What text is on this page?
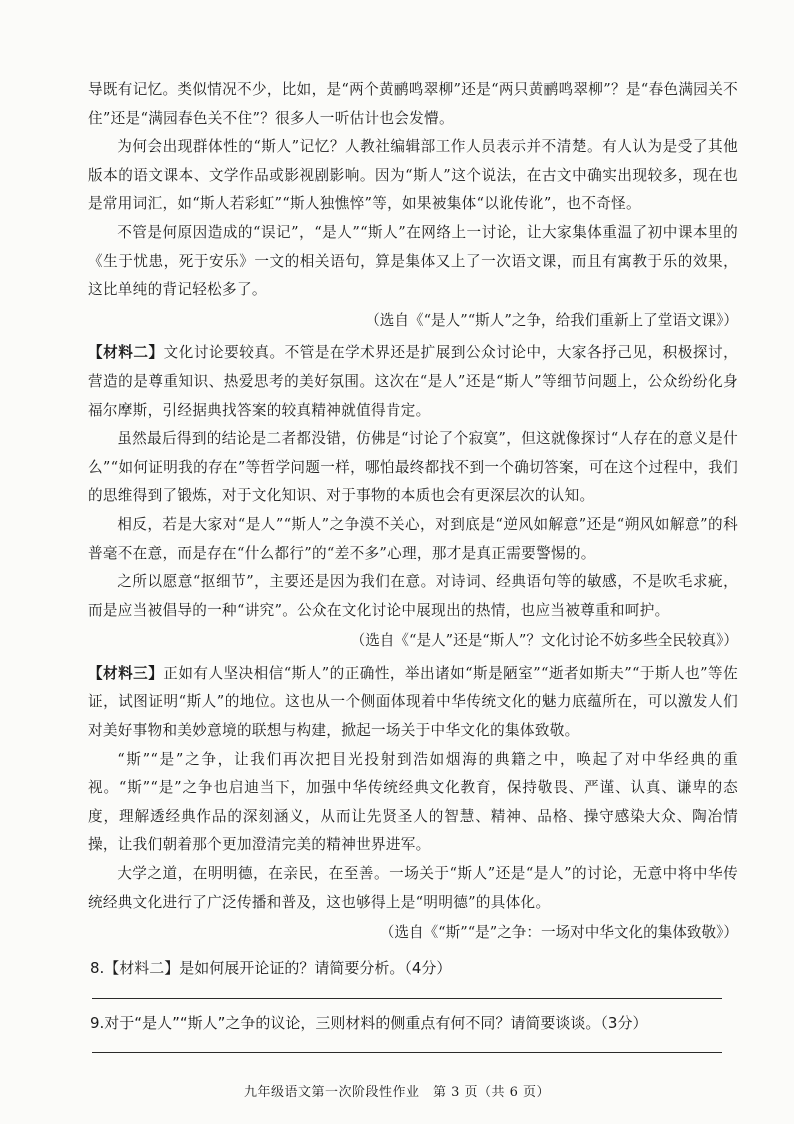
导既有记忆。类似情况不少，比如，是“两个黄鹂鸣翠柳”还是“两只黄鹂鸣翠柳”？是“春色满园关不住”还是“满园春色关不住”？很多人一听估计也会发懵。

为何会出现群体性的“斯人”记忆？人教社编辑部工作人员表示并不清楚。有人认为是受了其他版本的语文课本、文学作品或影视剧影响。因为“斯人”这个说法，在古文中确实出现较多，现在也是常用词汇，如“斯人若彩虹”“斯人独憔悴”等，如果被集体“以讹传讹”，也不奇怪。

不管是何原因造成的“误记”，“是人”“斯人”在网络上一讨论，让大家集体重温了初中课本里的《生于忧患，死于安乐》一文的相关语句，算是集体又上了一次语文课，而且有寓教于乐的效果，这比单纯的背记轻松多了。

（选自《“是人”“斯人”之争，给我们重新上了堂语文课》）

【材料二】文化讨论要较真。不管是在学术界还是扩展到公众讨论中，大家各抒己见，积极探讨，营造的是尊重知识、热爱思考的美好氛围。这次在“是人”还是“斯人”等细节问题上，公众纷纷化身福尔摩斯，引经据典找答案的较真精神就值得肯定。

虽然最后得到的结论是二者都没错，仿佛是“讨论了个寂寞”，但这就像探讨“人存在的意义是什么”“如何证明我的存在”等哲学问题一样，哪怕最终都找不到一个确切答案，可在这个过程中，我们的思维得到了锻炼，对于文化知识、对于事物的本质也会有更深层次的认知。

相反，若是大家对“是人”“斯人”之争漠不关心，对到底是“逆风如解意”还是“朔风如解意”的科普毫不在意，而是存在“什么都行”的“差不多”心理，那才是真正需要警惕的。

之所以愿意“抠细节”，主要还是因为我们在意。对诗词、经典语句等的敏感，不是吹毛求疵，而是应当被倡导的一种“讲究”。公众在文化讨论中展现出的热情，也应当被尊重和呵护。

（选自《“是人”还是“斯人”？文化讨论不妨多些全民较真》）

【材料三】正如有人坚决相信“斯人”的正确性，举出诸如“斯是陋室”“逝者如斯夫”“于斯人也”等佐证，试图证明“斯人”的地位。这也从一个侧面体现着中华传统文化的魅力底蕴所在，可以激发人们对美好事物和美妙意境的联想与构建，掀起一场关于中华文化的集体致敬。

“斯”“是”之争，让我们再次把目光投射到浩如烟海的典籍之中，唤起了对中华经典的重视。“斯”“是”之争也启迪当下，加强中华传统经典文化教育，保持敬畏、严谨、认真、谦卑的态度，理解透经典作品的深刻涵义，从而让先贤圣人的智慧、精神、品格、操守感染大众、陶冶情操，让我们朝着那个更加澄清完美的精神世界进军。

大学之道，在明明德，在亲民，在至善。一场关于“斯人”还是“是人”的讨论，无意中将中华传统经典文化进行了广泛传播和普及，这也够得上是“明明德”的具体化。

（选自《“斯”“是”之争：一场对中华文化的集体致敬》）

8.【材料二】是如何展开论证的？请简要分析。（4分）

9.对于“是人”“斯人”之争的议论，三则材料的侧重点有何不同？请简要谈谈。（3分）

九年级语文第一次阶段性作业　第 3 页（共 6 页）
